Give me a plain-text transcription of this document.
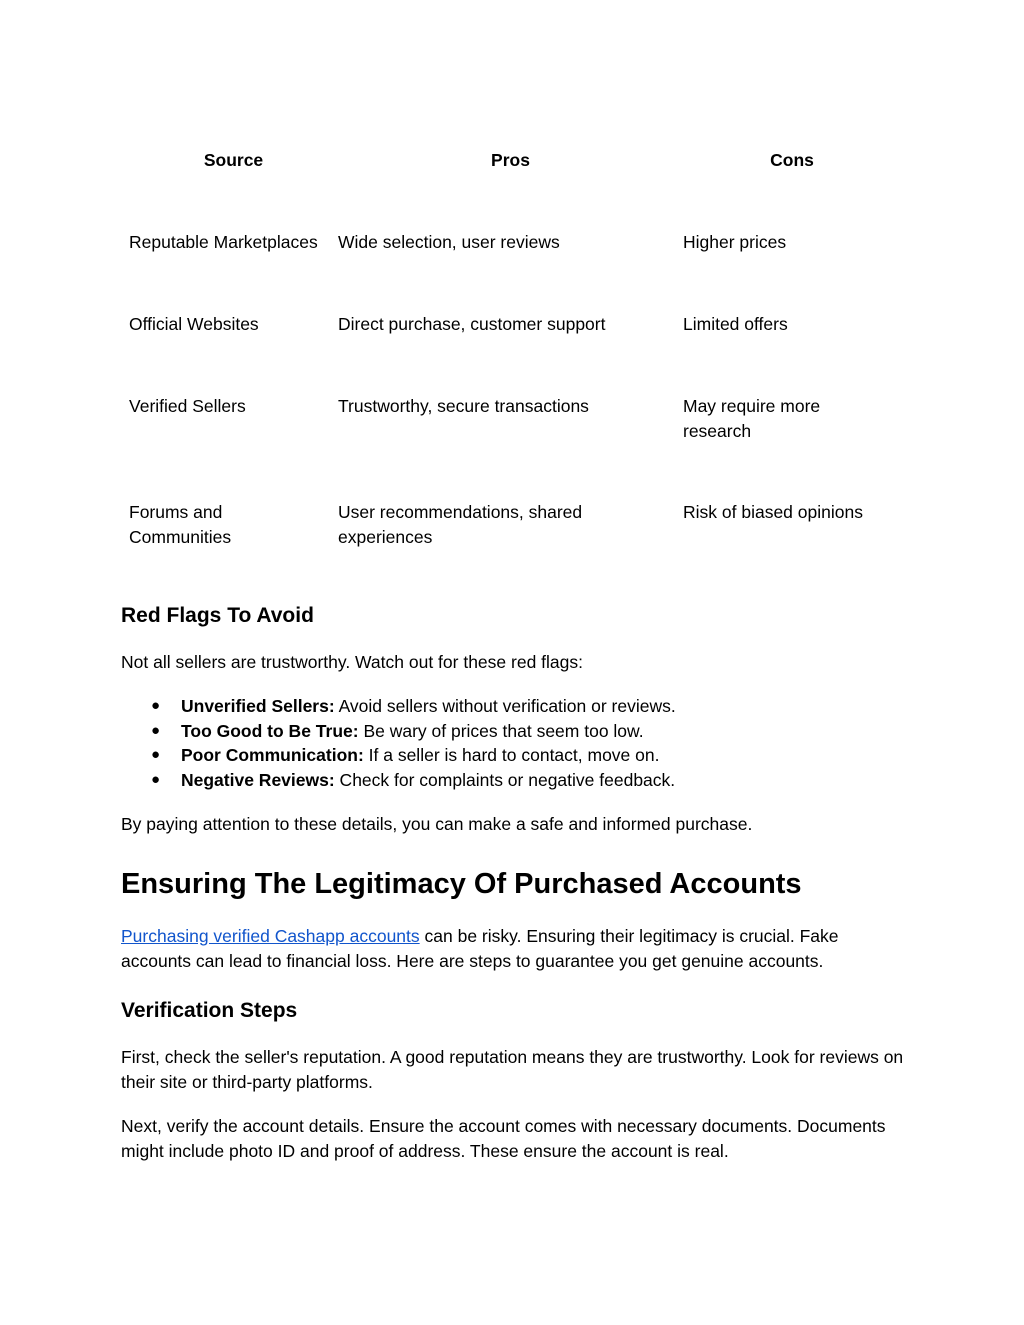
Source	Pros	Cons
Reputable Marketplaces	Wide selection, user reviews	Higher prices
Official Websites	Direct purchase, customer support	Limited offers
Verified Sellers	Trustworthy, secure transactions	May require more research
Forums and Communities	User recommendations, shared experiences	Risk of biased opinions
Red Flags To Avoid

Not all sellers are trustworthy. Watch out for these red flags:

● Unverified Sellers: Avoid sellers without verification or reviews.
● Too Good to Be True: Be wary of prices that seem too low.
● Poor Communication: If a seller is hard to contact, move on.
● Negative Reviews: Check for complaints or negative feedback.

By paying attention to these details, you can make a safe and informed purchase.

Ensuring The Legitimacy Of Purchased Accounts

Purchasing verified Cashapp accounts can be risky. Ensuring their legitimacy is crucial. Fake accounts can lead to financial loss. Here are steps to guarantee you get genuine accounts.

Verification Steps

First, check the seller's reputation. A good reputation means they are trustworthy. Look for reviews on their site or third-party platforms.

Next, verify the account details. Ensure the account comes with necessary documents. Documents might include photo ID and proof of address. These ensure the account is real.
